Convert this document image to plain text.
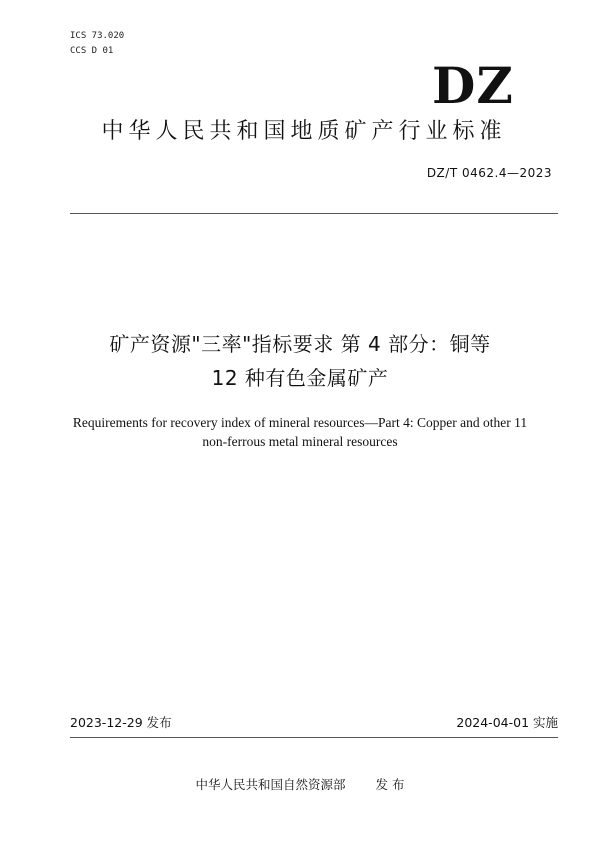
ICS 73.020
CCS D 01
DZ
中华人民共和国地质矿产行业标准
DZ/T 0462.4—2023
矿产资源"三率"指标要求 第 4 部分：铜等
12 种有色金属矿产
Requirements for recovery index of mineral resources—Part 4: Copper and other 11
non-ferrous metal mineral resources
2023-12-29 发布	2024-04-01 实施
中华人民共和国自然资源部 发 布
